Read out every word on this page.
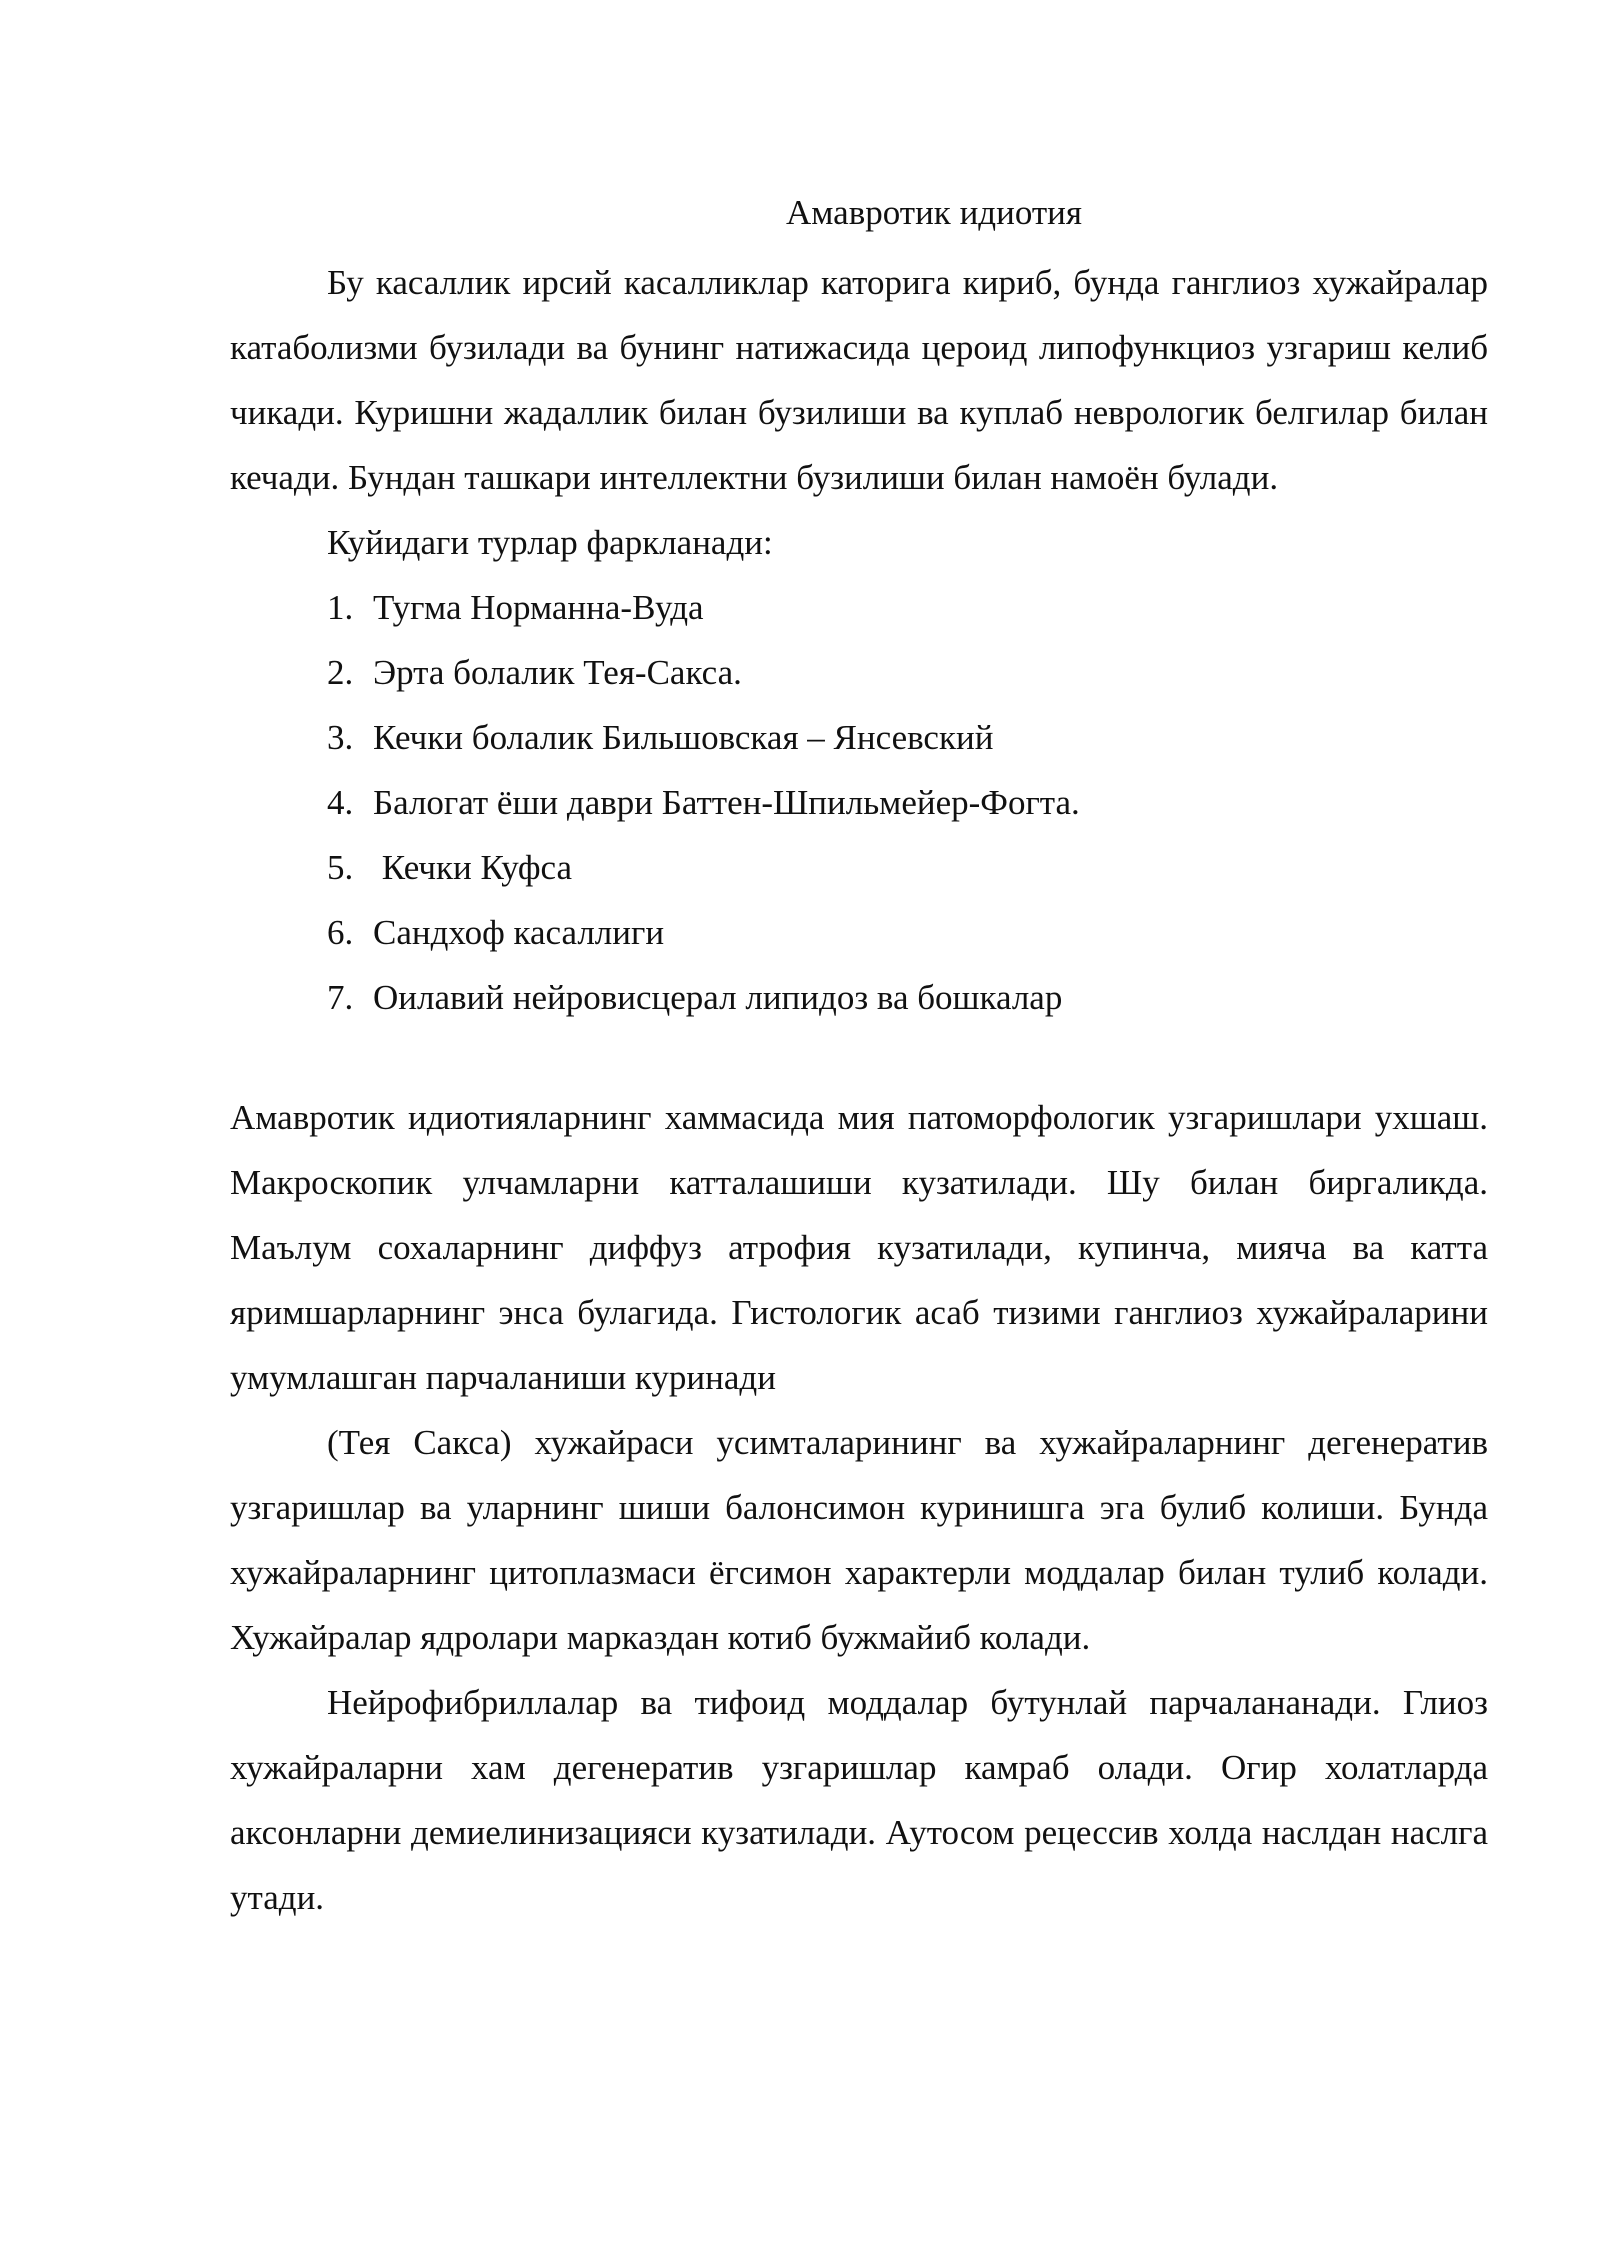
Амавротик идиотия

Бу касаллик ирсий касалликлар каторига кириб, бунда ганглиоз хужайралар катаболизми бузилади ва бунинг натижасида цероид липофункциоз узгариш келиб чикади. Куришни жадаллик билан бузилиши ва куплаб неврологик белгилар билан кечади. Бундан ташкари интеллектни бузилиши билан намоён булади.

Куйидаги турлар фаркланади:

1. Тугма Норманна-Вуда
2. Эрта болалик Тея-Сакса.
3. Кечки болалик Бильшовская – Янсевский
4. Балогат ёши даври Баттен-Шпильмейер-Фогта.
5. Кечки Куфса
6. Сандхоф касаллиги
7. Оилавий нейровисцерал липидоз ва бошкалар

Амавротик идиотияларнинг хаммасида мия патоморфологик узгаришлари ухшаш. Макроскопик улчамларни катталашиши кузатилади. Шу билан биргаликда. Маълум сохаларнинг диффуз атрофия кузатилади, купинча, мияча ва катта яримшарларнинг энса булагида. Гистологик асаб тизими ганглиоз хужайраларини умумлашган парчаланиши куринади

(Тея Сакса) хужайраси усимталарининг ва хужайраларнинг дегенератив узгаришлар ва уларнинг шиши балонсимон куринишга эга булиб колиши. Бунда хужайраларнинг цитоплазмаси ёгсимон характерли моддалар билан тулиб колади. Хужайралар ядролари марказдан котиб бужмайиб колади.

Нейрофибриллалар ва тифоид моддалар бутунлай парчалананади. Глиоз хужайраларни хам дегенератив узгаришлар камраб олади. Огир холатларда аксонларни демиелинизацияси кузатилади. Аутосом рецессив холда наслдан наслга утади.
